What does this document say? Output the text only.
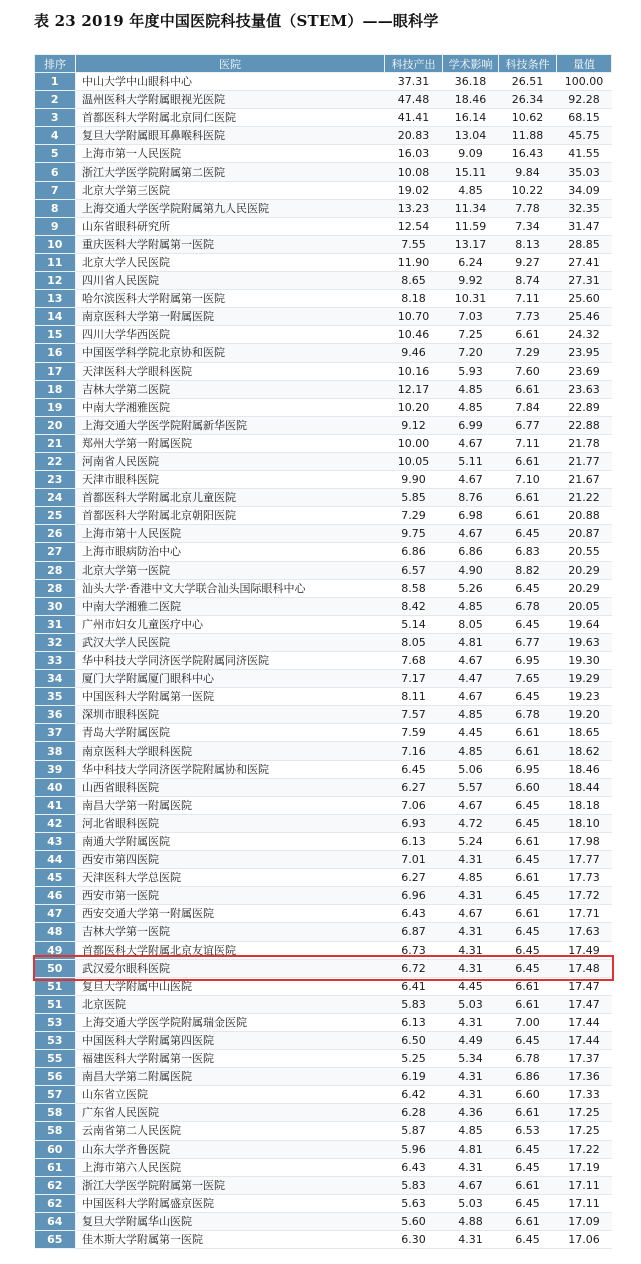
表 23 2019 年度中国医院科技量值（STEM）——眼科学
排序	医院	科技产出	学术影响	科技条件	量值
1	中山大学中山眼科中心	37.31	36.18	26.51	100.00
2	温州医科大学附属眼视光医院	47.48	18.46	26.34	92.28
3	首都医科大学附属北京同仁医院	41.41	16.14	10.62	68.15
4	复旦大学附属眼耳鼻喉科医院	20.83	13.04	11.88	45.75
5	上海市第一人民医院	16.03	9.09	16.43	41.55
6	浙江大学医学院附属第二医院	10.08	15.11	9.84	35.03
7	北京大学第三医院	19.02	4.85	10.22	34.09
8	上海交通大学医学院附属第九人民医院	13.23	11.34	7.78	32.35
9	山东省眼科研究所	12.54	11.59	7.34	31.47
10	重庆医科大学附属第一医院	7.55	13.17	8.13	28.85
11	北京大学人民医院	11.90	6.24	9.27	27.41
12	四川省人民医院	8.65	9.92	8.74	27.31
13	哈尔滨医科大学附属第一医院	8.18	10.31	7.11	25.60
14	南京医科大学第一附属医院	10.70	7.03	7.73	25.46
15	四川大学华西医院	10.46	7.25	6.61	24.32
16	中国医学科学院北京协和医院	9.46	7.20	7.29	23.95
17	天津医科大学眼科医院	10.16	5.93	7.60	23.69
18	吉林大学第二医院	12.17	4.85	6.61	23.63
19	中南大学湘雅医院	10.20	4.85	7.84	22.89
20	上海交通大学医学院附属新华医院	9.12	6.99	6.77	22.88
21	郑州大学第一附属医院	10.00	4.67	7.11	21.78
22	河南省人民医院	10.05	5.11	6.61	21.77
23	天津市眼科医院	9.90	4.67	7.10	21.67
24	首都医科大学附属北京儿童医院	5.85	8.76	6.61	21.22
25	首都医科大学附属北京朝阳医院	7.29	6.98	6.61	20.88
26	上海市第十人民医院	9.75	4.67	6.45	20.87
27	上海市眼病防治中心	6.86	6.86	6.83	20.55
28	北京大学第一医院	6.57	4.90	8.82	20.29
28	汕头大学·香港中文大学联合汕头国际眼科中心	8.58	5.26	6.45	20.29
30	中南大学湘雅二医院	8.42	4.85	6.78	20.05
31	广州市妇女儿童医疗中心	5.14	8.05	6.45	19.64
32	武汉大学人民医院	8.05	4.81	6.77	19.63
33	华中科技大学同济医学院附属同济医院	7.68	4.67	6.95	19.30
34	厦门大学附属厦门眼科中心	7.17	4.47	7.65	19.29
35	中国医科大学附属第一医院	8.11	4.67	6.45	19.23
36	深圳市眼科医院	7.57	4.85	6.78	19.20
37	青岛大学附属医院	7.59	4.45	6.61	18.65
38	南京医科大学眼科医院	7.16	4.85	6.61	18.62
39	华中科技大学同济医学院附属协和医院	6.45	5.06	6.95	18.46
40	山西省眼科医院	6.27	5.57	6.60	18.44
41	南昌大学第一附属医院	7.06	4.67	6.45	18.18
42	河北省眼科医院	6.93	4.72	6.45	18.10
43	南通大学附属医院	6.13	5.24	6.61	17.98
44	西安市第四医院	7.01	4.31	6.45	17.77
45	天津医科大学总医院	6.27	4.85	6.61	17.73
46	西安市第一医院	6.96	4.31	6.45	17.72
47	西安交通大学第一附属医院	6.43	4.67	6.61	17.71
48	吉林大学第一医院	6.87	4.31	6.45	17.63
49	首都医科大学附属北京友谊医院	6.73	4.31	6.45	17.49
50	武汉爱尔眼科医院	6.72	4.31	6.45	17.48
51	复旦大学附属中山医院	6.41	4.45	6.61	17.47
51	北京医院	5.83	5.03	6.61	17.47
53	上海交通大学医学院附属瑞金医院	6.13	4.31	7.00	17.44
53	中国医科大学附属第四医院	6.50	4.49	6.45	17.44
55	福建医科大学附属第一医院	5.25	5.34	6.78	17.37
56	南昌大学第二附属医院	6.19	4.31	6.86	17.36
57	山东省立医院	6.42	4.31	6.60	17.33
58	广东省人民医院	6.28	4.36	6.61	17.25
58	云南省第二人民医院	5.87	4.85	6.53	17.25
60	山东大学齐鲁医院	5.96	4.81	6.45	17.22
61	上海市第六人民医院	6.43	4.31	6.45	17.19
62	浙江大学医学院附属第一医院	5.83	4.67	6.61	17.11
62	中国医科大学附属盛京医院	5.63	5.03	6.45	17.11
64	复旦大学附属华山医院	5.60	4.88	6.61	17.09
65	佳木斯大学附属第一医院	6.30	4.31	6.45	17.06
